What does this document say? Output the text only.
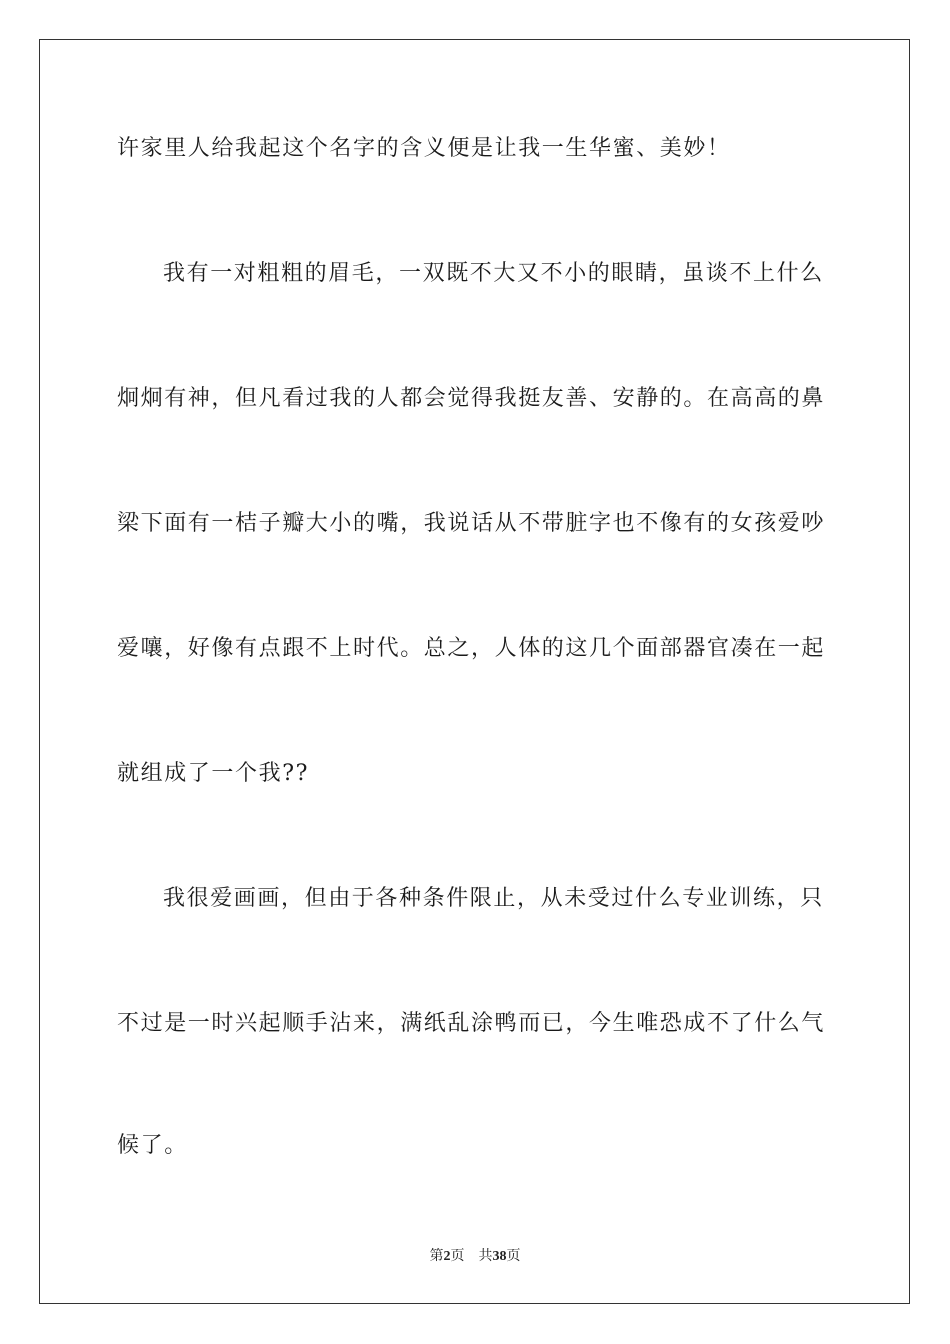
许家里人给我起这个名字的含义便是让我一生华蜜、美妙！
我有一对粗粗的眉毛，一双既不大又不小的眼睛，虽谈不上什么
炯炯有神，但凡看过我的人都会觉得我挺友善、安静的。在高高的鼻
梁下面有一桔子瓣大小的嘴，我说话从不带脏字也不像有的女孩爱吵
爱嚷，好像有点跟不上时代。总之，人体的这几个面部器官凑在一起
就组成了一个我??
我很爱画画，但由于各种条件限止，从未受过什么专业训练，只
不过是一时兴起顺手沾来，满纸乱涂鸭而已，今生唯恐成不了什么气
候了。
第2页 共38页
